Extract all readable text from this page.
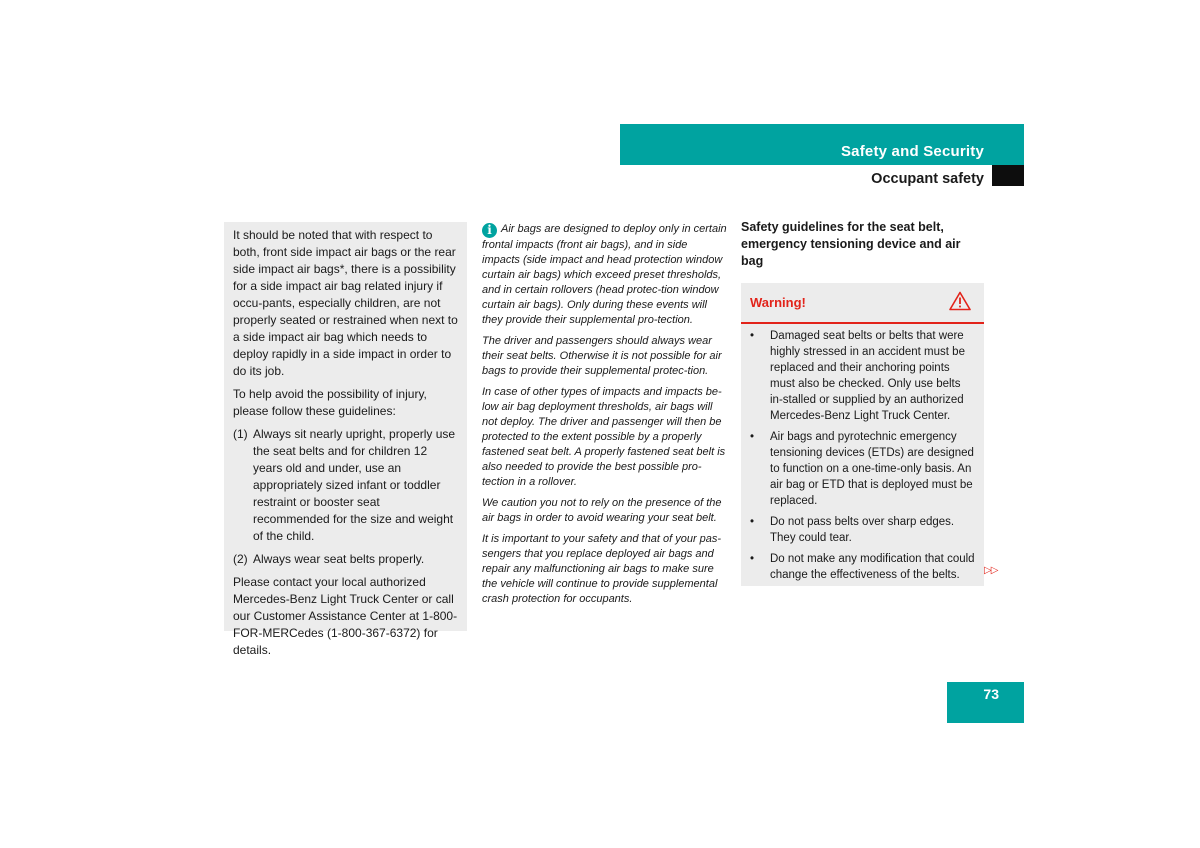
Safety and Security
Occupant safety

It should be noted that with respect to both, front side impact air bags or the rear side impact air bags*, there is a possibility for a side impact air bag related injury if occu-pants, especially children, are not properly seated or restrained when next to a side impact air bag which needs to deploy rapidly in a side impact in order to do its job.

To help avoid the possibility of injury, please follow these guidelines:

(1) Always sit nearly upright, properly use the seat belts and for children 12 years old and under, use an appropriately sized infant or toddler restraint or booster seat recommended for the size and weight of the child.
(2) Always wear seat belts properly.

Please contact your local authorized Mercedes-Benz Light Truck Center or call our Customer Assistance Center at 1-800-FOR-MERCedes (1-800-367-6372) for details.

i Air bags are designed to deploy only in certain frontal impacts (front air bags), and in side impacts (side impact and head protection window curtain air bags) which exceed preset thresholds, and in certain rollovers (head protec-tion window curtain air bags). Only during these events will they provide their supplemental pro-tection.

The driver and passengers should always wear their seat belts. Otherwise it is not possible for air bags to provide their supplemental protec-tion.

In case of other types of impacts and impacts be-low air bag deployment thresholds, air bags will not deploy. The driver and passenger will then be protected to the extent possible by a properly fastened seat belt. A properly fastened seat belt is also needed to provide the best possible pro-tection in a rollover.

We caution you not to rely on the presence of the air bags in order to avoid wearing your seat belt.

It is important to your safety and that of your pas-sengers that you replace deployed air bags and repair any malfunctioning air bags to make sure the vehicle will continue to provide supplemental crash protection for occupants.

Safety guidelines for the seat belt, emergency tensioning device and air bag
Warning!
•	Damaged seat belts or belts that were highly stressed in an accident must be replaced and their anchoring points must also be checked. Only use belts in-stalled or supplied by an authorized Mercedes-Benz Light Truck Center.
•	Air bags and pyrotechnic emergency tensioning devices (ETDs) are designed to function on a one-time-only basis. An air bag or ETD that is deployed must be replaced.
•	Do not pass belts over sharp edges. They could tear.
•	Do not make any modification that could change the effectiveness of the belts.	▷▷
73
